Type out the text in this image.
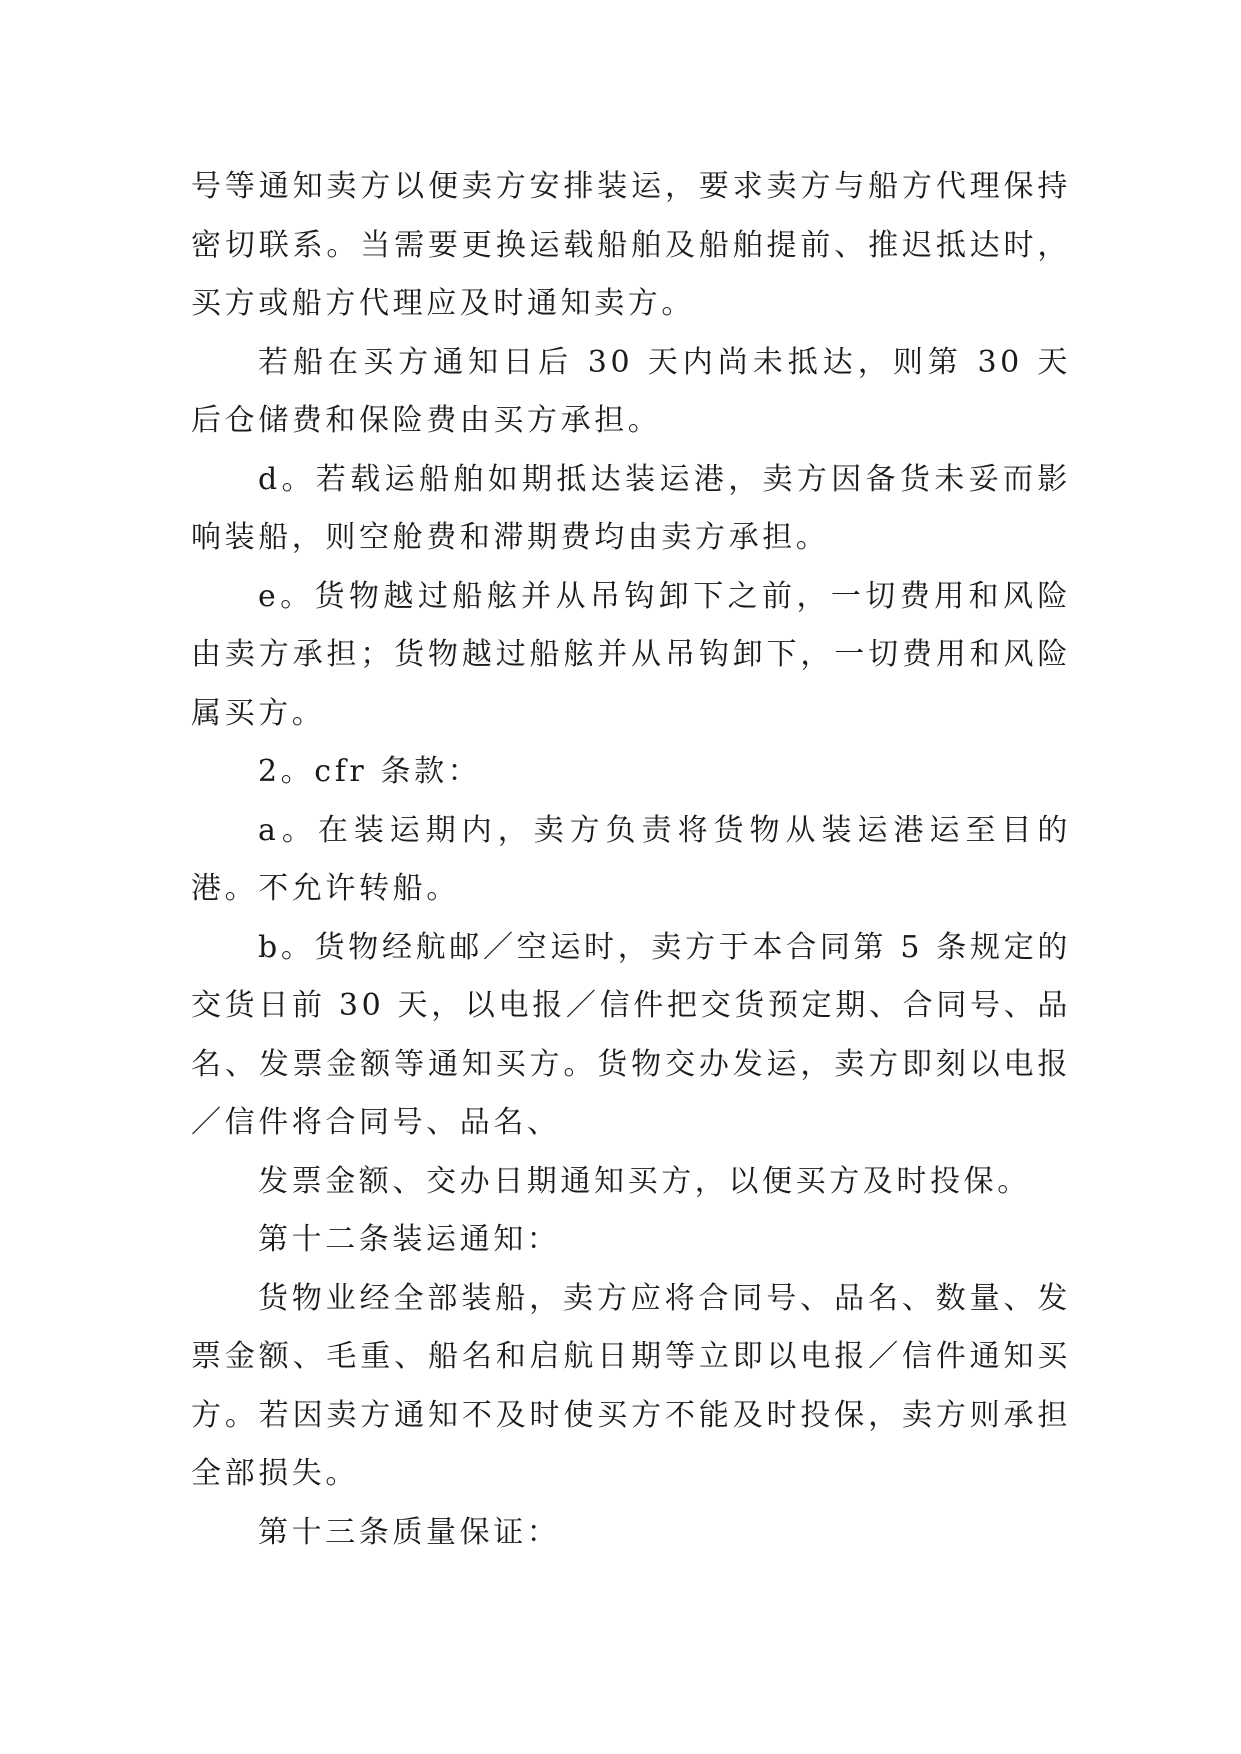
号等通知卖方以便卖方安排装运，要求卖方与船方代理保持密切联系。当需要更换运载船舶及船舶提前、推迟抵达时，买方或船方代理应及时通知卖方。

若船在买方通知日后 30 天内尚未抵达，则第 30 天后仓储费和保险费由买方承担。

d。若载运船舶如期抵达装运港，卖方因备货未妥而影响装船，则空舱费和滞期费均由卖方承担。

e。货物越过船舷并从吊钩卸下之前，一切费用和风险由卖方承担；货物越过船舷并从吊钩卸下，一切费用和风险属买方。

2。cfr 条款：

a。在装运期内，卖方负责将货物从装运港运至目的港。不允许转船。

b。货物经航邮／空运时，卖方于本合同第 5 条规定的交货日前 30 天，以电报／信件把交货预定期、合同号、品名、发票金额等通知买方。货物交办发运，卖方即刻以电报／信件将合同号、品名、

发票金额、交办日期通知买方，以便买方及时投保。

第十二条装运通知：

货物业经全部装船，卖方应将合同号、品名、数量、发票金额、毛重、船名和启航日期等立即以电报／信件通知买方。若因卖方通知不及时使买方不能及时投保，卖方则承担全部损失。

第十三条质量保证：
